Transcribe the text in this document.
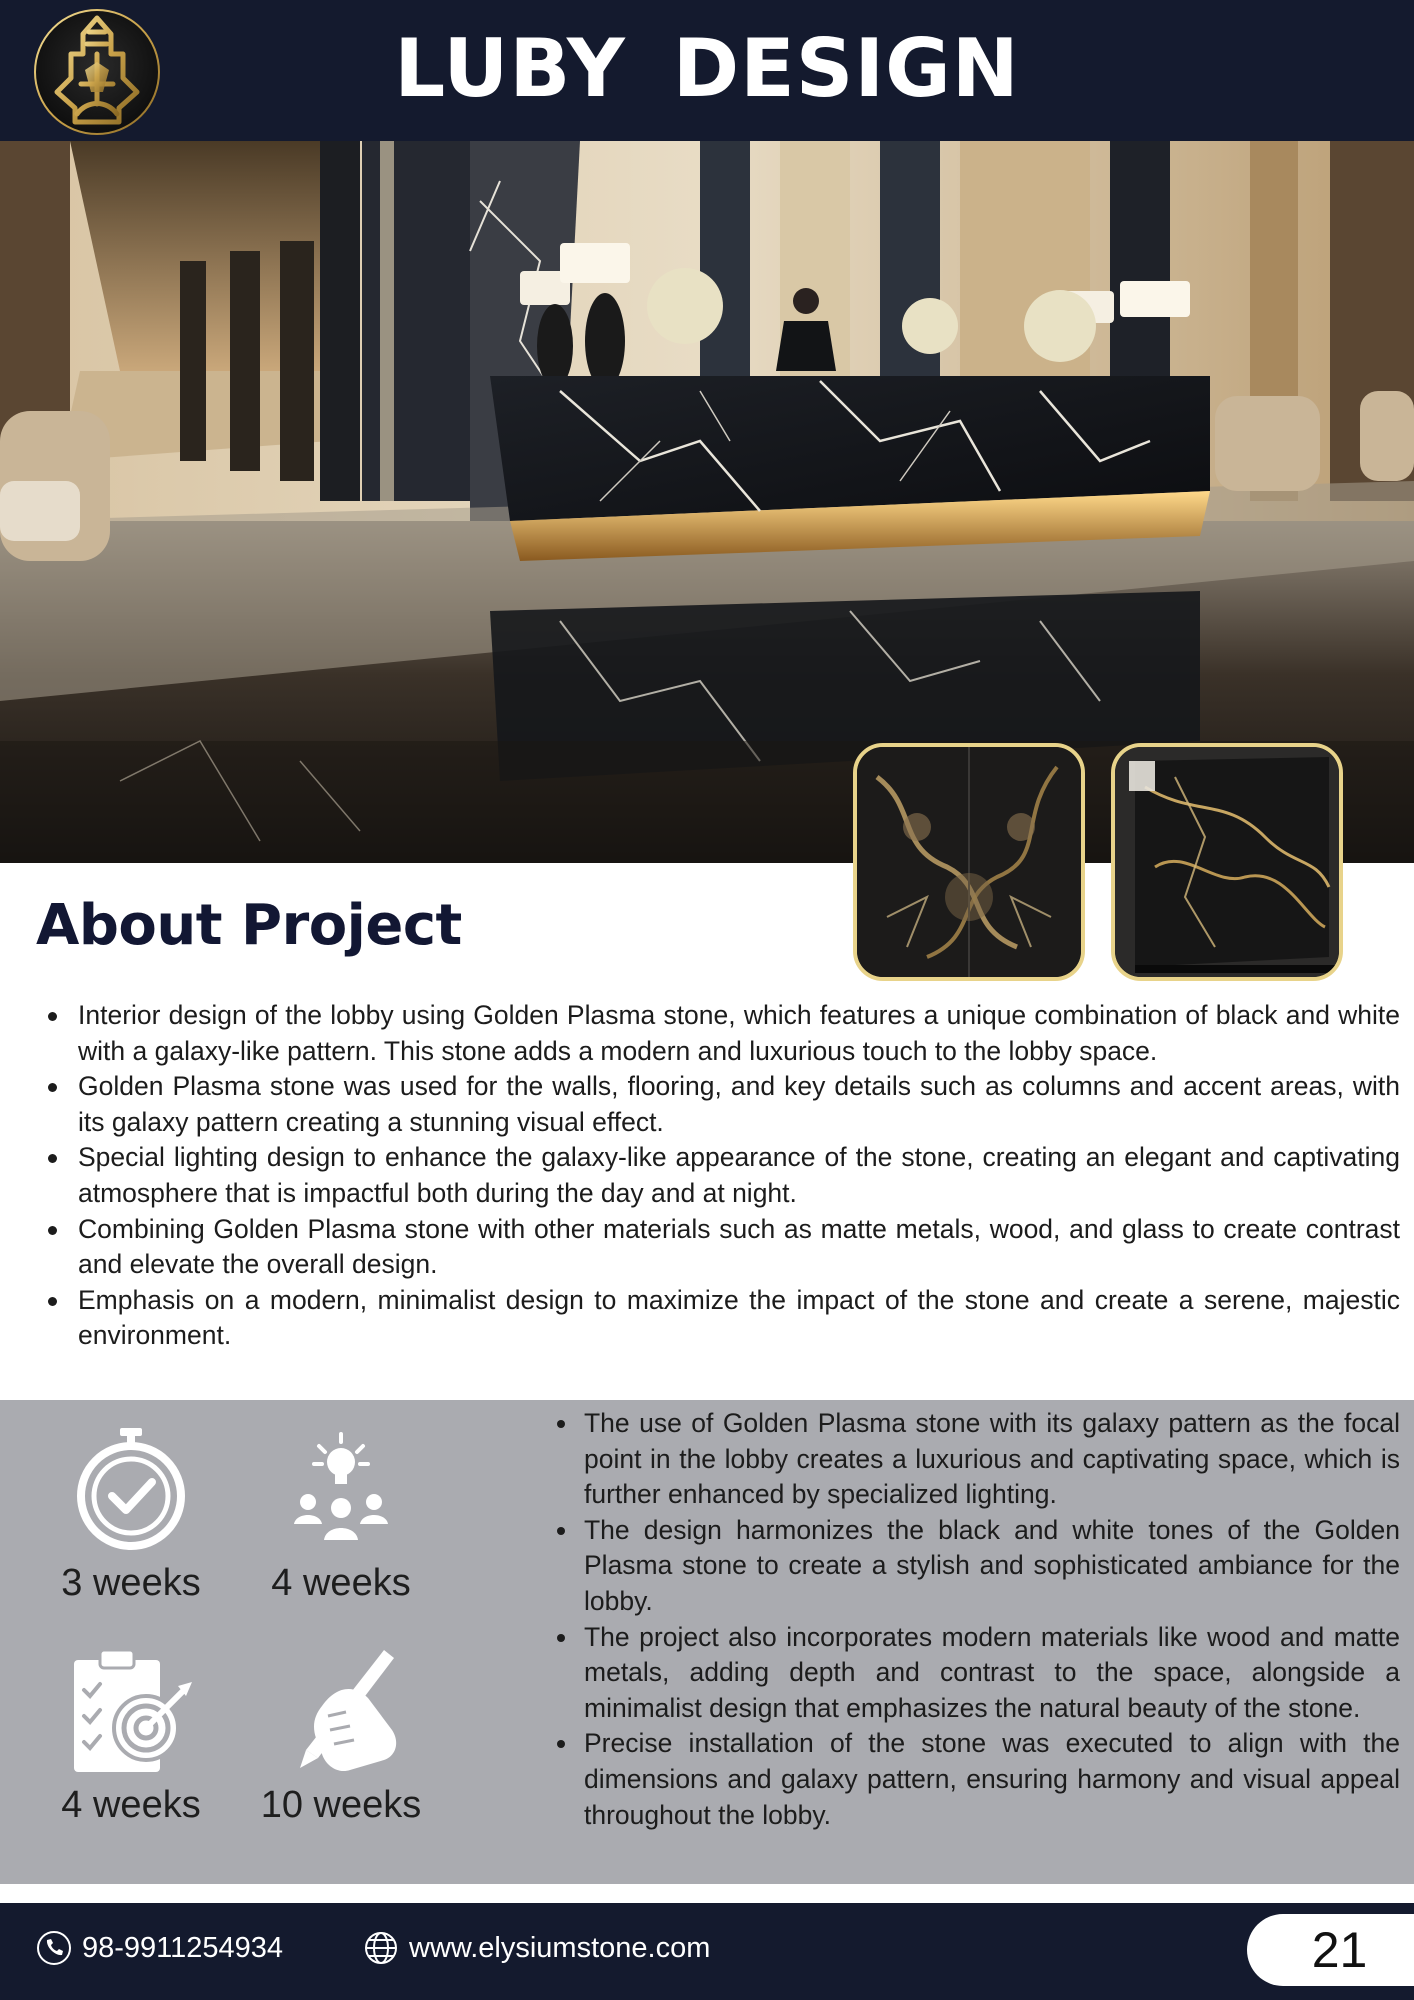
LUBY DESIGN
About Project
Interior design of the lobby using Golden Plasma stone, which features a unique combination of black and white with a galaxy-like pattern. This stone adds a modern and luxurious touch to the lobby space.
Golden Plasma stone was used for the walls, flooring, and key details such as columns and accent areas, with its galaxy pattern creating a stunning visual effect.
Special lighting design to enhance the galaxy-like appearance of the stone, creating an elegant and captivating atmosphere that is impactful both during the day and at night.
Combining Golden Plasma stone with other materials such as matte metals, wood, and glass to create contrast and elevate the overall design.
Emphasis on a modern, minimalist design to maximize the impact of the stone and create a serene, majestic environment.
3 weeks	4 weeks
4 weeks	10 weeks
The use of Golden Plasma stone with its galaxy pattern as the focal point in the lobby creates a luxurious and captivating space, which is further enhanced by specialized lighting.
The design harmonizes the black and white tones of the Golden Plasma stone to create a stylish and sophisticated ambiance for the lobby.
The project also incorporates modern materials like wood and matte metals, adding depth and contrast to the space, alongside a minimalist design that emphasizes the natural beauty of the stone.
Precise installation of the stone was executed to align with the dimensions and galaxy pattern, ensuring harmony and visual appeal throughout the lobby.
98-9911254934	www.elysiumstone.com	21
